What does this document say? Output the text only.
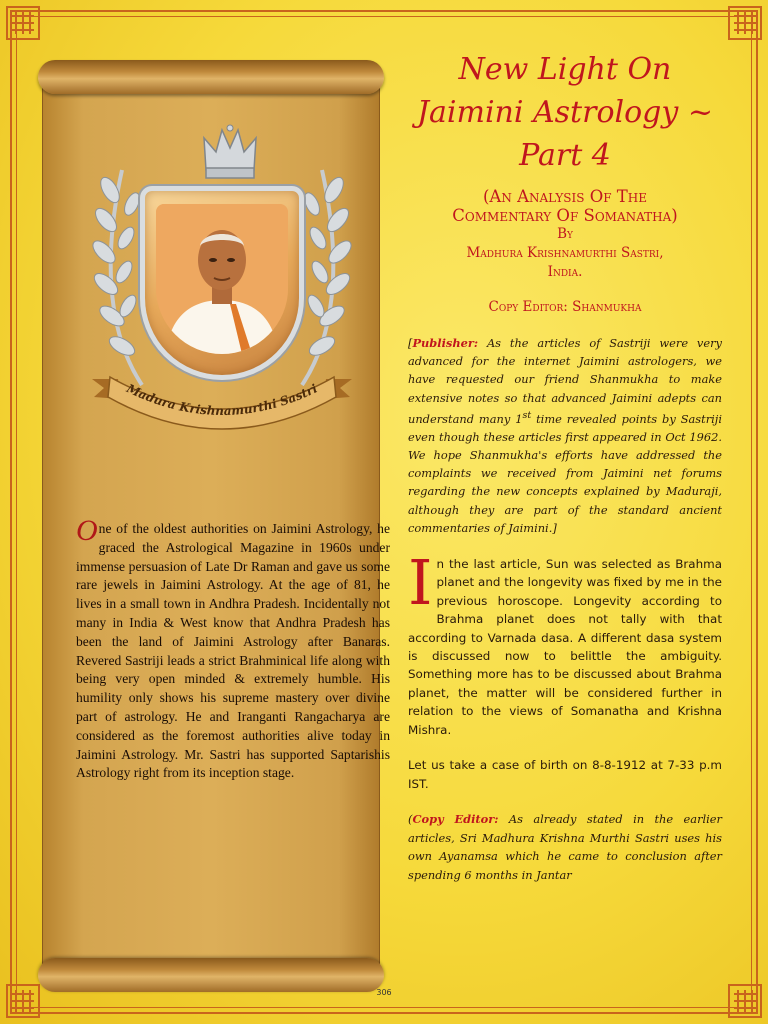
Madura Krishnamurthi Sastri
One of the oldest authorities on Jaimini Astrology, he graced the Astrological Magazine in 1960s under immense persuasion of Late Dr Raman and gave us some rare jewels in Jaimini Astrology. At the age of 81, he lives in a small town in Andhra Pradesh. Incidentally not many in India & West know that Andhra Pradesh has been the land of Jaimini Astrology after Banaras. Revered Sastriji leads a strict Brahminical life along with being very open minded & extremely humble. His humility only shows his supreme mastery over divine part of astrology. He and Iranganti Rangacharya are considered as the foremost authorities alive today in Jaimini Astrology. Mr. Sastri has supported Saptarishis Astrology right from its inception stage.
New Light On
Jaimini Astrology ~
Part 4
(An Analysis Of The
Commentary Of Somanatha)
By
Madhura Krishnamurthi Sastri,
India.
Copy Editor: Shanmukha
[Publisher: As the articles of Sastriji were very advanced for the internet Jaimini astrologers, we have requested our friend Shanmukha to make extensive notes so that advanced Jaimini adepts can understand many 1st time revealed points by Sastriji even though these articles first appeared in Oct 1962. We hope Shanmukha's efforts have addressed the complaints we received from Jaimini net forums regarding the new concepts explained by Maduraji, although they are part of the standard ancient commentaries of Jaimini.]
In the last article, Sun was selected as Brahma planet and the longevity was fixed by me in the previous horoscope. Longevity according to Brahma planet does not tally with that according to Varnada dasa. A different dasa system is discussed now to belittle the ambiguity. Something more has to be discussed about Brahma planet, the matter will be considered further in relation to the views of Somanatha and Krishna Mishra.
Let us take a case of birth on 8-8-1912 at 7-33 p.m IST.
(Copy Editor: As already stated in the earlier articles, Sri Madhura Krishna Murthi Sastri uses his own Ayanamsa which he came to conclusion after spending 6 months in Jantar
306
